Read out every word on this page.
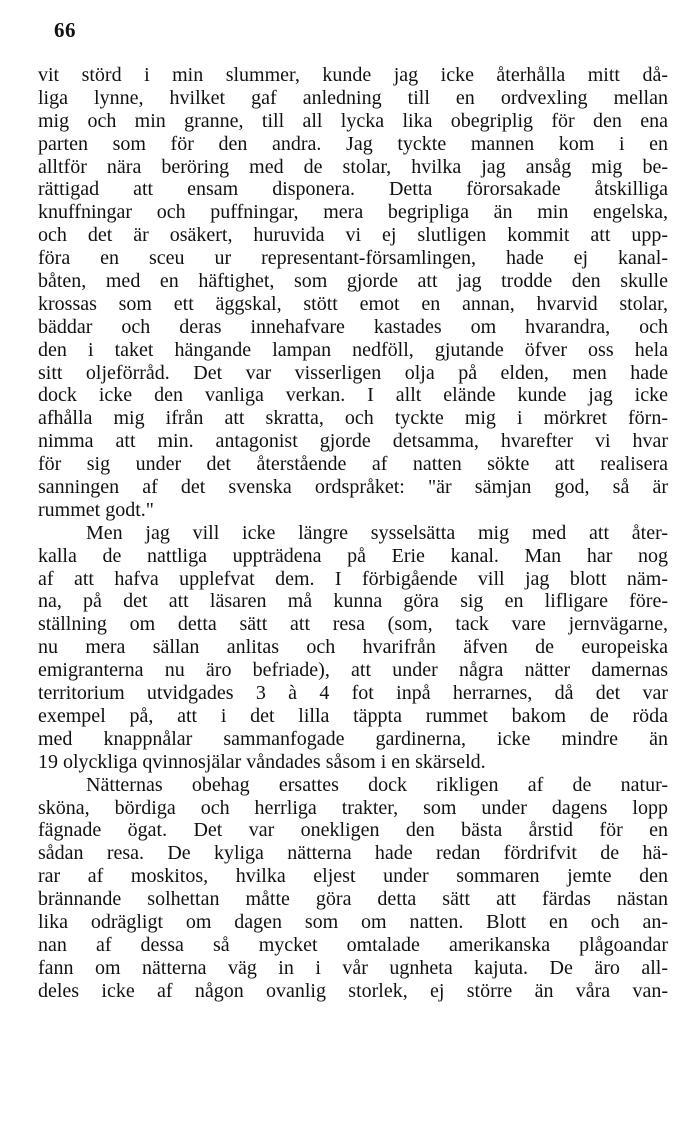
66
vit störd i min slummer, kunde jag icke återhålla mitt då-
liga lynne, hvilket gaf anledning till en ordvexling mellan
mig och min granne, till all lycka lika obegriplig för den ena
parten som för den andra. Jag tyckte mannen kom i en
alltför nära beröring med de stolar, hvilka jag ansåg mig be-
rättigad att ensam disponera. Detta förorsakade åtskilliga
knuffningar och puffningar, mera begripliga än min engelska,
och det är osäkert, huruvida vi ej slutligen kommit att upp-
föra en sceu ur representant-församlingen, hade ej kanal-
båten, med en häftighet, som gjorde att jag trodde den skulle
krossas som ett äggskal, stött emot en annan, hvarvid stolar,
bäddar och deras innehafvare kastades om hvarandra, och
den i taket hängande lampan nedföll, gjutande öfver oss hela
sitt oljeförråd. Det var visserligen olja på elden, men hade
dock icke den vanliga verkan. I allt elände kunde jag icke
afhålla mig ifrån att skratta, och tyckte mig i mörkret förn-
nimma att min. antagonist gjorde detsamma, hvarefter vi hvar
för sig under det återstående af natten sökte att realisera
sanningen af det svenska ordspråket: "är sämjan god, så är
rummet godt."
Men jag vill icke längre sysselsätta mig med att åter-
kalla de nattliga uppträdena på Erie kanal. Man har nog
af att hafva upplefvat dem. I förbigående vill jag blott näm-
na, på det att läsaren må kunna göra sig en lifligare före-
ställning om detta sätt att resa (som, tack vare jernvägarne,
nu mera sällan anlitas och hvarifrån äfven de europeiska
emigranterna nu äro befriade), att under några nätter damernas
territorium utvidgades 3 à 4 fot inpå herrarnes, då det var
exempel på, att i det lilla täppta rummet bakom de röda
med knappnålar sammanfogade gardinerna, icke mindre än
19 olyckliga qvinnosjälar våndades såsom i en skärseld.
Nätternas obehag ersattes dock rikligen af de natur-
sköna, bördiga och herrliga trakter, som under dagens lopp
fägnade ögat. Det var onekligen den bästa årstid för en
sådan resa. De kyliga nätterna hade redan fördrifvit de hä-
rar af moskitos, hvilka eljest under sommaren jemte den
brännande solhettan måtte göra detta sätt att färdas nästan
lika odrägligt om dagen som om natten. Blott en och an-
nan af dessa så mycket omtalade amerikanska plågoandar
fann om nätterna väg in i vår ugnheta kajuta. De äro all-
deles icke af någon ovanlig storlek, ej större än våra van-
